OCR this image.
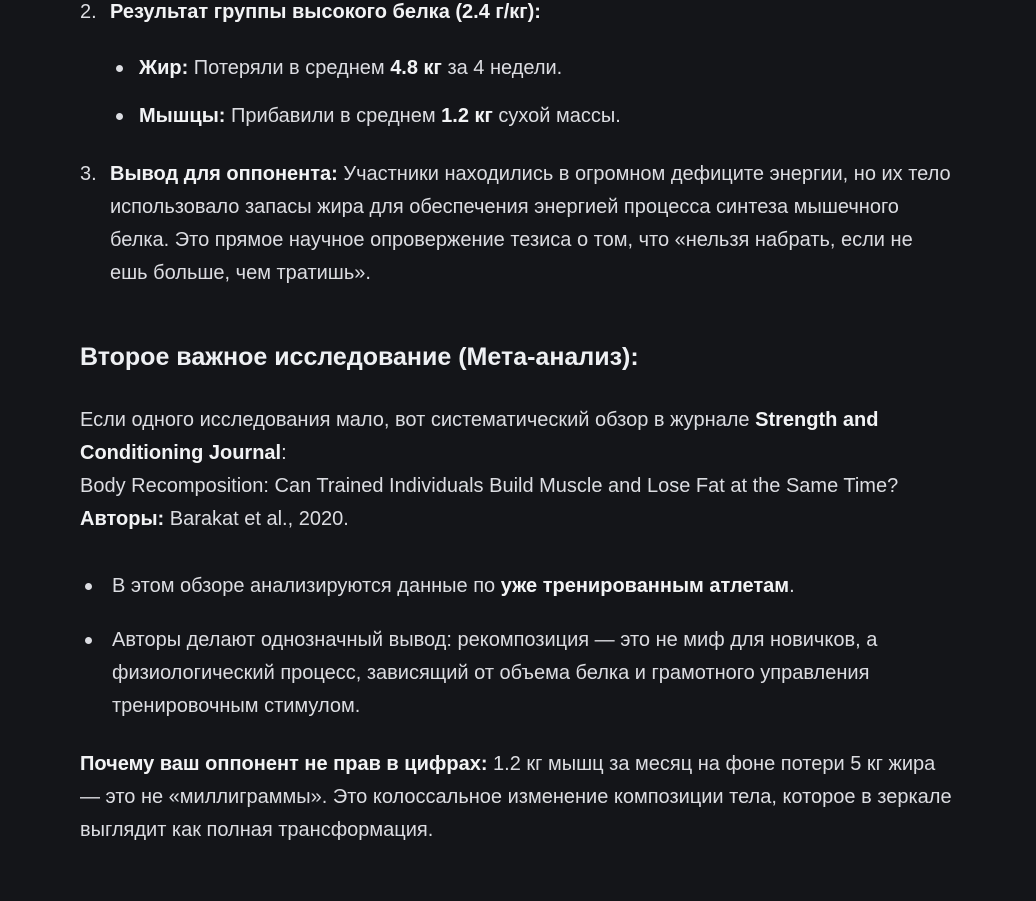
2. Результат группы высокого белка (2.4 г/кг):
Жир: Потеряли в среднем 4.8 кг за 4 недели.
Мышцы: Прибавили в среднем 1.2 кг сухой массы.
3. Вывод для оппонента: Участники находились в огромном дефиците энергии, но их тело использовало запасы жира для обеспечения энергией процесса синтеза мышечного белка. Это прямое научное опровержение тезиса о том, что «нельзя набрать, если не ешь больше, чем тратишь».
Второе важное исследование (Мета-анализ):
Если одного исследования мало, вот систематический обзор в журнале Strength and Conditioning Journal:
Body Recomposition: Can Trained Individuals Build Muscle and Lose Fat at the Same Time?
Авторы: Barakat et al., 2020.
В этом обзоре анализируются данные по уже тренированным атлетам.
Авторы делают однозначный вывод: рекомпозиция — это не миф для новичков, а физиологический процесс, зависящий от объема белка и грамотного управления тренировочным стимулом.
Почему ваш оппонент не прав в цифрах: 1.2 кг мышц за месяц на фоне потери 5 кг жира — это не «миллиграммы». Это колоссальное изменение композиции тела, которое в зеркале выглядит как полная трансформация.
